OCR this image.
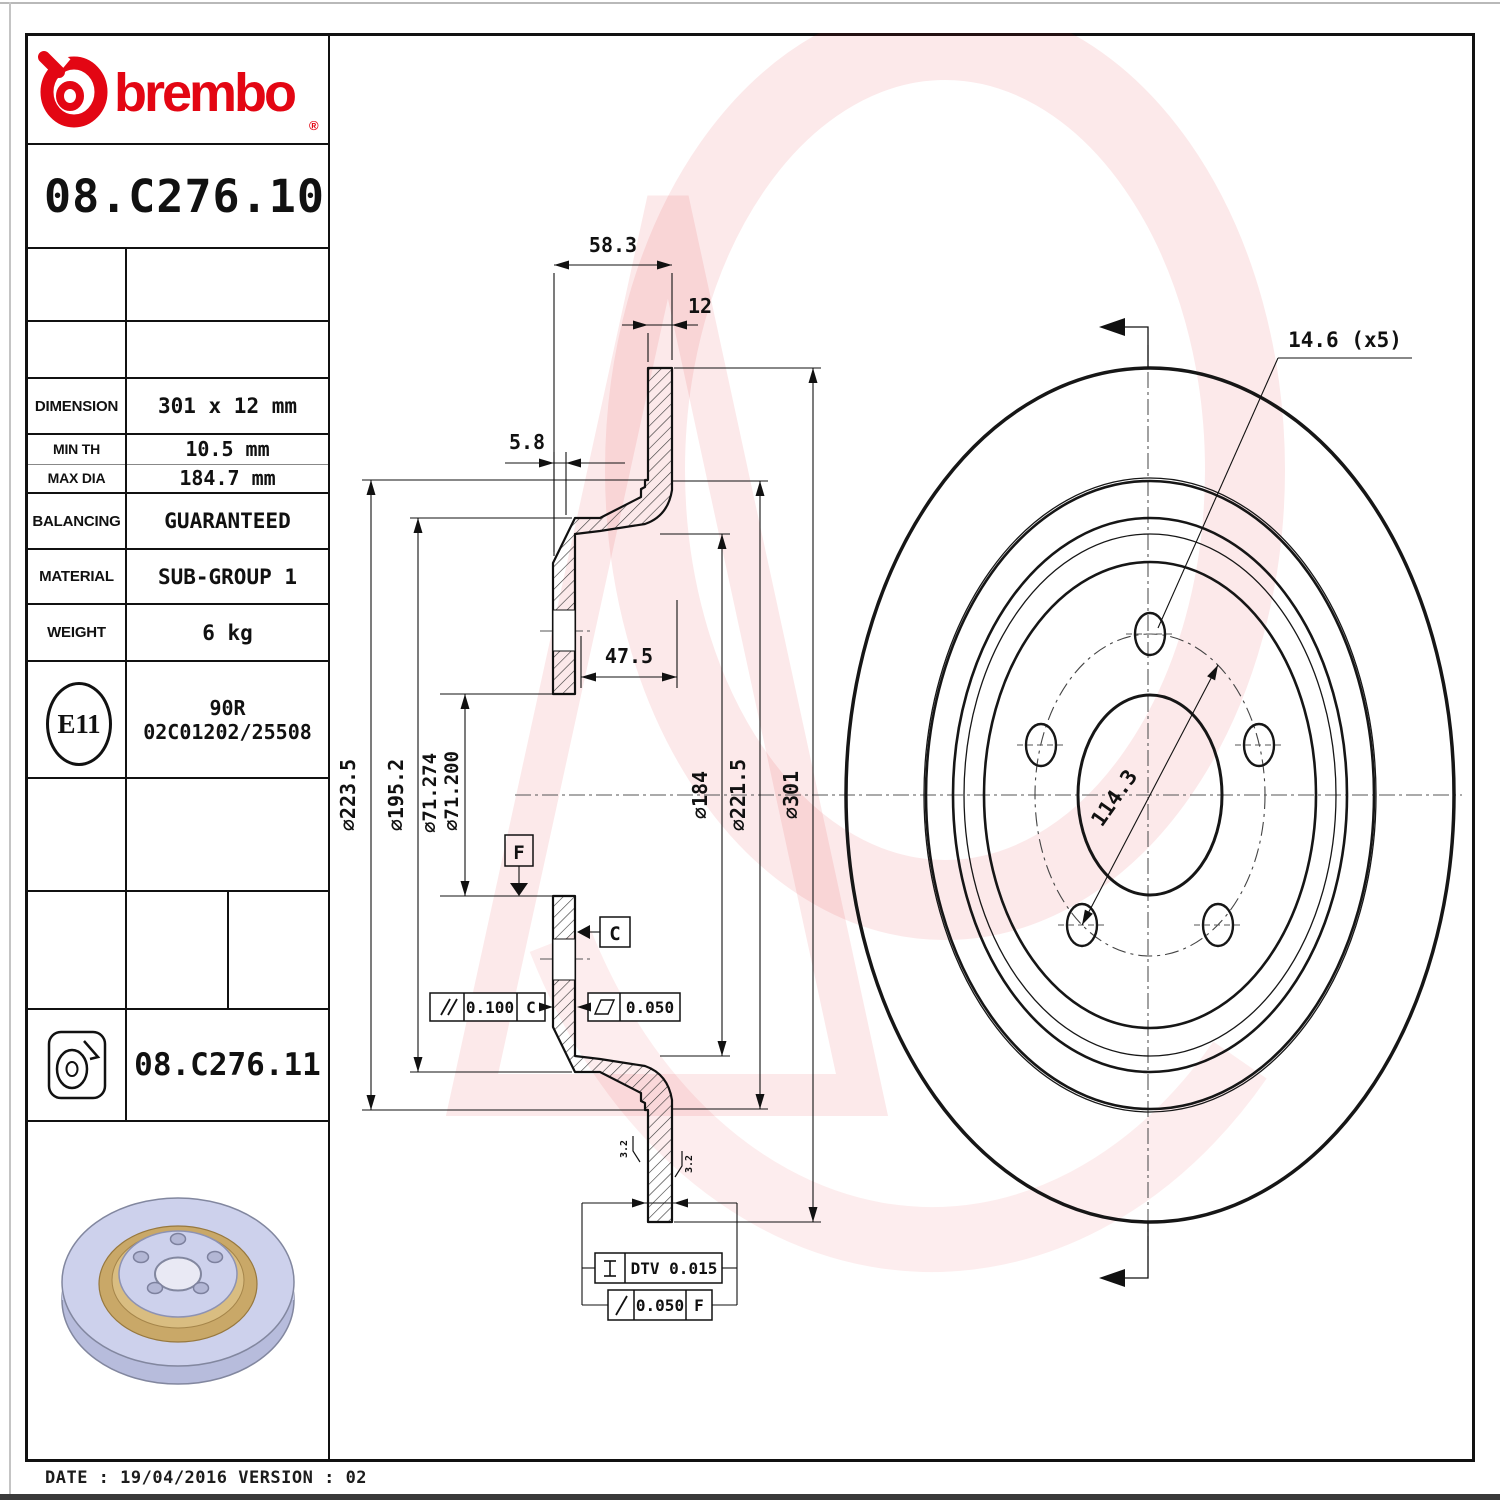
brembo
®
08.C276.10
DIMENSION	301 x 12 mm
MIN TH	10.5 mm
MAX DIA	184.7 mm
BALANCING	GUARANTEED
MATERIAL	SUB-GROUP 1
WEIGHT	6 kg
E11
90R
02C01202/25508
08.C276.11
58.3
12
5.8
47.5
⌀223.5 ⌀195.2 ⌀71.274 ⌀71.200	⌀184 ⌀221.5 ⌀301
F
C
0.100 C	0.050
DTV 0.015
0.050 F
3.2
3.2
14.6 (x5)
114.3
DATE : 19/04/2016 VERSION : 02
